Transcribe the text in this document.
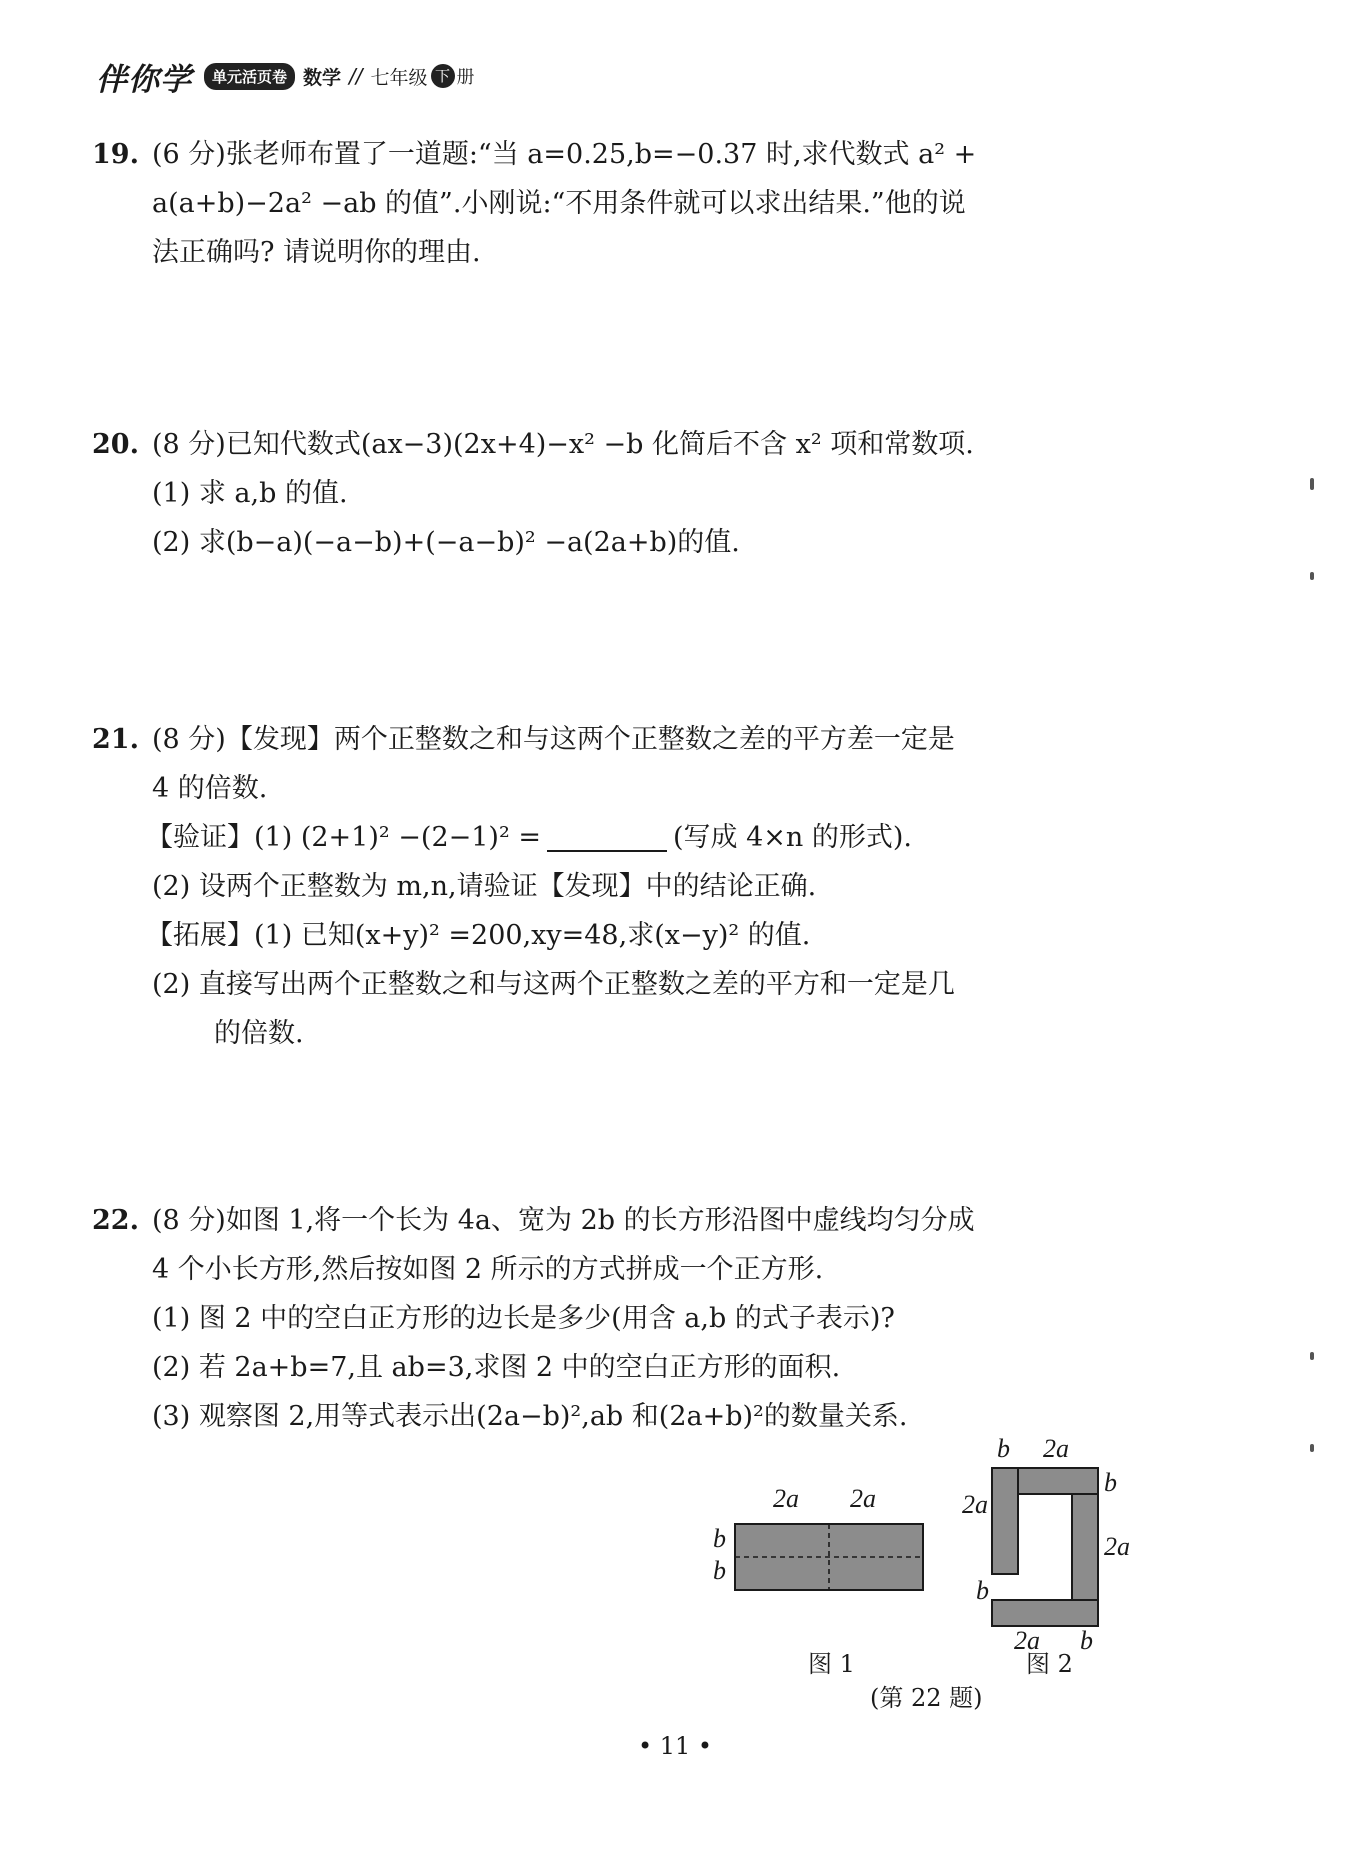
伴你学	单元活页卷 数学 // 七年级 下 册
19. (6 分)张老师布置了一道题:“当 a=0.25,b=−0.37 时,求代数式 a² +
a(a+b)−2a² −ab 的值”.小刚说:“不用条件就可以求出结果.”他的说
法正确吗? 请说明你的理由.
20. (8 分)已知代数式(ax−3)(2x+4)−x² −b 化简后不含 x² 项和常数项.
(1) 求 a,b 的值.
(2) 求(b−a)(−a−b)+(−a−b)² −a(2a+b)的值.
21. (8 分)【发现】两个正整数之和与这两个正整数之差的平方差一定是
4 的倍数.
【验证】(1) (2+1)² −(2−1)² =	(写成 4×n 的形式).
(2) 设两个正整数为 m,n,请验证【发现】中的结论正确.
【拓展】(1) 已知(x+y)² =200,xy=48,求(x−y)² 的值.
(2) 直接写出两个正整数之和与这两个正整数之差的平方和一定是几
的倍数.
22. (8 分)如图 1,将一个长为 4a、宽为 2b 的长方形沿图中虚线均匀分成
4 个小长方形,然后按如图 2 所示的方式拼成一个正方形.
(1) 图 2 中的空白正方形的边长是多少(用含 a,b 的式子表示)?
(2) 若 2a+b=7,且 ab=3,求图 2 中的空白正方形的面积.
(3) 观察图 2,用等式表示出(2a−b)²,ab 和(2a+b)²的数量关系.
2a 2a
b
b
图 1
b 2a
2a
b
2a
b
2a b
图 2
(第 22 题)
• 11 •
